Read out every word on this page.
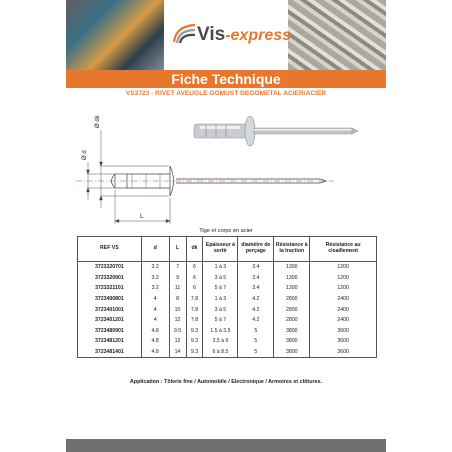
Vis-express
Fiche Technique
VS3723 - RIVET AVEUGLE GOMUST DEGOMETAL ACIER/ACIER
Ø d
Ø dk
L
Tige et corps en acier
REF VS	d	L	dk	Epaisseur à sertir	diamètre de perçage	Résistance à la traction	Résistance au cisaillement
3723320701	3.2	7	6	1 à 3	3.4	1300	1200
3723320901	3.2	9	6	3 à 5	3.4	1300	1200
3723321101	3.2	11	6	5 à 7	3.4	1300	1200
3723400801	4	8	7.8	1 à 3	4.2	2800	2400
3723401001	4	10	7.8	3 à 5	4.2	2800	2400
3723401201	4	12	7.8	5 à 7	4.2	2800	2400
3723480901	4.8	9.5	9.3	1.5 à 3.5	5	3800	3600
3723481201	4.8	12	9.3	3.5 à 6	5	3800	3600
3723481401	4.8	14	9.3	6 à 8.5	5	3800	3600
Application : Tôlerie fine / Automobile / Electronique / Armoires et clôtures.
